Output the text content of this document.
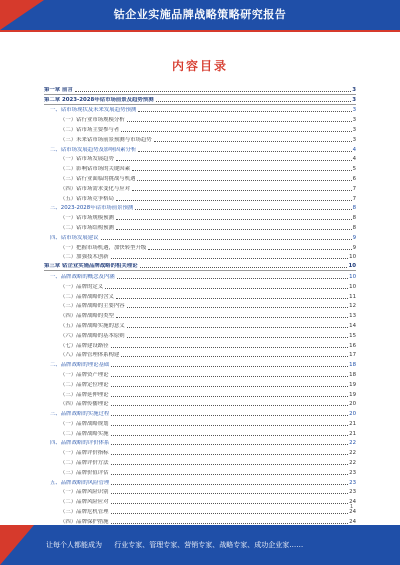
钴企业实施品牌战略策略研究报告
内容目录
第一章 前言	3
第二章 2023-2028年钴市场前景及趋势预测	3
一、钴市场现状及未来发展趋势预测	3
（一）钴行业市场规模分析	3
（二）钴市场主要参与者	3
（三）未来钴市场前景预测与市场趋势	3
二、钴市场发展趋势及影响因素分析	4
（一）钴市场发展趋势	4
（二）影响钴市场的关键因素	5
（三）钴行业面临的挑战与机遇	6
（四）钴市场需求变化与应对	7
（五）钴市场竞争格局	7
三、2023-2028年钴市场前景预测	8
（一）钴市场规模预测	8
（二）钴市场结构预测	8
四、钴市场发展建议	9
（一）把握市场机遇，加快转型升级	9
（二）加强技术创新	10
第三章 钴企业实施品牌战略的相关理论	10
一、品牌战略的概念及内涵	10
（一）品牌的定义	10
（二）品牌战略的含义	11
（三）品牌战略的主要内容	12
（四）品牌战略的类型	13
（五）品牌战略实施的意义	14
（六）品牌战略的基本原则	15
（七）品牌建设路径	16
（八）品牌管理体系构建	17
二、品牌战略的理论基础	18
（一）品牌资产理论	18
（二）品牌定位理论	19
（三）品牌延伸理论	19
（四）品牌传播理论	20
三、品牌战略的实施过程	20
（一）品牌战略规划	21
（二）品牌战略实施	21
四、品牌战略的评价体系	22
（一）品牌评价指标	22
（二）品牌评价方法	22
（三）品牌价值评估	23
五、品牌战略的风险管理	23
（一）品牌风险识别	23
（二）品牌风险应对	24
（三）品牌危机管理	24
（四）品牌保护措施	24
1
让每个人都能成为 行业专家、管理专家、营销专家、战略专家、成功企业家……
